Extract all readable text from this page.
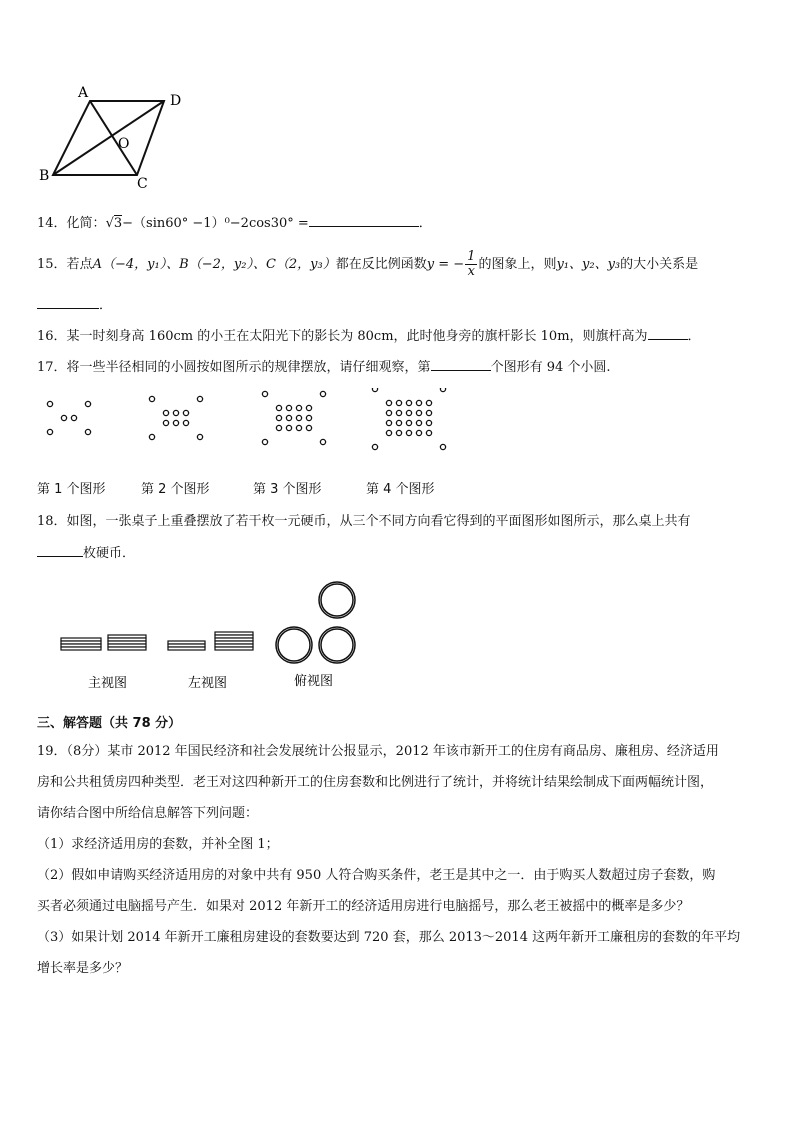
A	D
B	C
O
14．化简：√3−（sin60° −1）⁰−2cos30° =	．
15．若点A（−4，y₁）、B（−2，y₂）、C（2，y₃）都在反比例函数y = − $\frac{1}{x}$ 的图象上，则y₁、y₂、y₃的大小关系是
．
16．某一时刻身高 160cm 的小王在太阳光下的影长为 80cm，此时他身旁的旗杆影长 10m，则旗杆高为	．
17．将一些半径相同的小圆按如图所示的规律摆放，请仔细观察，第	个图形有 94 个小圆.
第 1 个图形	第 2 个图形	第 3 个图形	第 4 个图形
18．如图，一张桌子上重叠摆放了若干枚一元硬币，从三个不同方向看它得到的平面图形如图所示，那么桌上共有
枚硬币．
主视图	左视图	俯视图
三、解答题（共 78 分）
19．（8分）某市 2012 年国民经济和社会发展统计公报显示，2012 年该市新开工的住房有商品房、廉租房、经济适用
房和公共租赁房四种类型．老王对这四种新开工的住房套数和比例进行了统计，并将统计结果绘制成下面两幅统计图，
请你结合图中所给信息解答下列问题：
（1）求经济适用房的套数，并补全图 1；
（2）假如申请购买经济适用房的对象中共有 950 人符合购买条件，老王是其中之一．由于购买人数超过房子套数，购
买者必须通过电脑摇号产生．如果对 2012 年新开工的经济适用房进行电脑摇号，那么老王被摇中的概率是多少？
（3）如果计划 2014 年新开工廉租房建设的套数要达到 720 套，那么 2013～2014 这两年新开工廉租房的套数的年平均
增长率是多少？
